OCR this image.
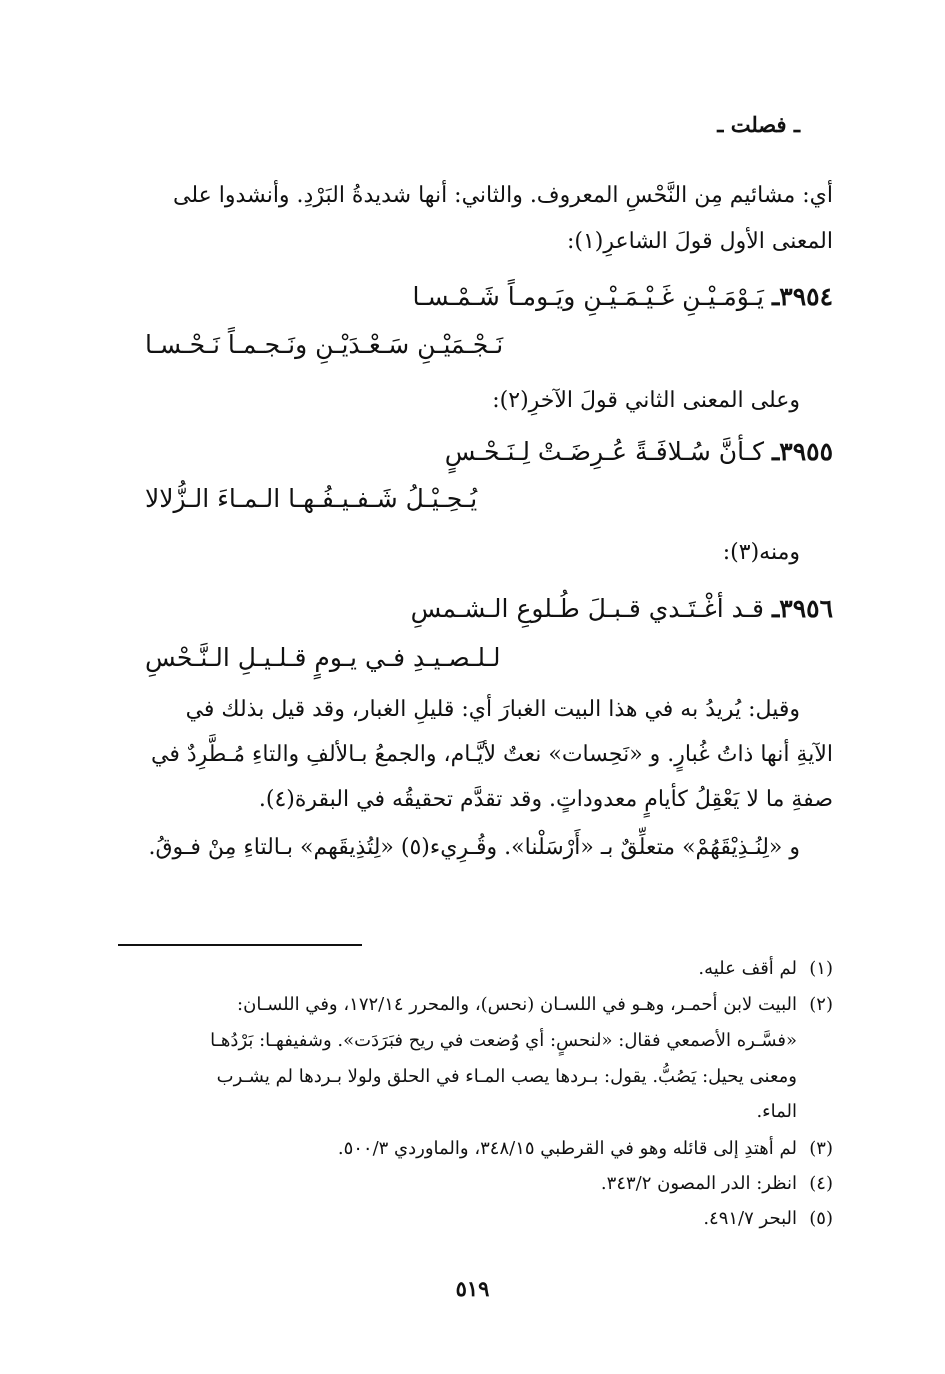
ـ فصلت ـ
أي: مشائيم مِن النَّحْسِ المعروف. والثاني: أنها شديدةُ البَرْدِ. وأنشدوا على
المعنى الأول قولَ الشاعرِ(١):
٣٩٥٤ـ يَـوْمَـيْـنِ غَـيْـمَـيْـنِ ويَـومـاً شَـمْـسـا
نَـجْـمَيْـنِ سَـعْـدَيْـنِ ونَـجـمـاً نَـحْـسـا
وعلى المعنى الثاني قولَ الآخرِ(٢):
٣٩٥٥ـ كـأنَّ سُـلافَـةً عُـرِضَـتْ لِـنَـحْـسٍ
يُـحِـيْـلُ شَـفـيـفُـهـا الـمـاءَ الـزُّلالا
ومنه(٣):
٣٩٥٦ـ قـد أغْـتَـدي قـبـلَ طُـلوعِ الـشـمسِ
لـلـصـيـدِ فـي يـومٍ قـلـيـلِ الـنَّـحْسِ
وقيل: يُريدُ به في هذا البيت الغبارَ أي: قليلِ الغبار، وقد قيل بذلك في
الآيةِ أنها ذاتُ غُبارٍ. و «نَحِسات» نعتٌ لأيَّـام، والجمعُ بـالألفِ والتاءِ مُـطَّرِدٌ في
صفةِ ما لا يَعْقِلُ كأيامٍ معدوداتٍ. وقد تقدَّم تحقيقُه في البقرة(٤).
و «لِنُـذِيْقَهُمْ» متعلِّقٌ بـ «أَرْسَلْنا». وقُـرِيء(٥) «لِتُذِيقَهم» بـالتاءِ مِنْ فـوقُ.
(١)لم أقف عليه.
(٢)البيت لابن أحمـر، وهـو في اللسـان (نحس)، والمحرر ١٧٢/١٤، وفي اللسـان:
«فسَّـره الأصمعي فقال: «لنحسٍ: أي وُضعت في ريح فبَرَدَت». وشفيفهـا: بَرْدُهـا
ومعنى يحيل: يَصُبُّ. يقول: بـردها يصب المـاء في الحلق ولولا بـردها لم يشـرب
الماء.
(٣)لم أهتدِ إلى قائله وهو في القرطبي ٣٤٨/١٥، والماوردي ٥٠٠/٣.
(٤)انظر: الدر المصون ٣٤٣/٢.
(٥)البحر ٤٩١/٧.
٥١٩
